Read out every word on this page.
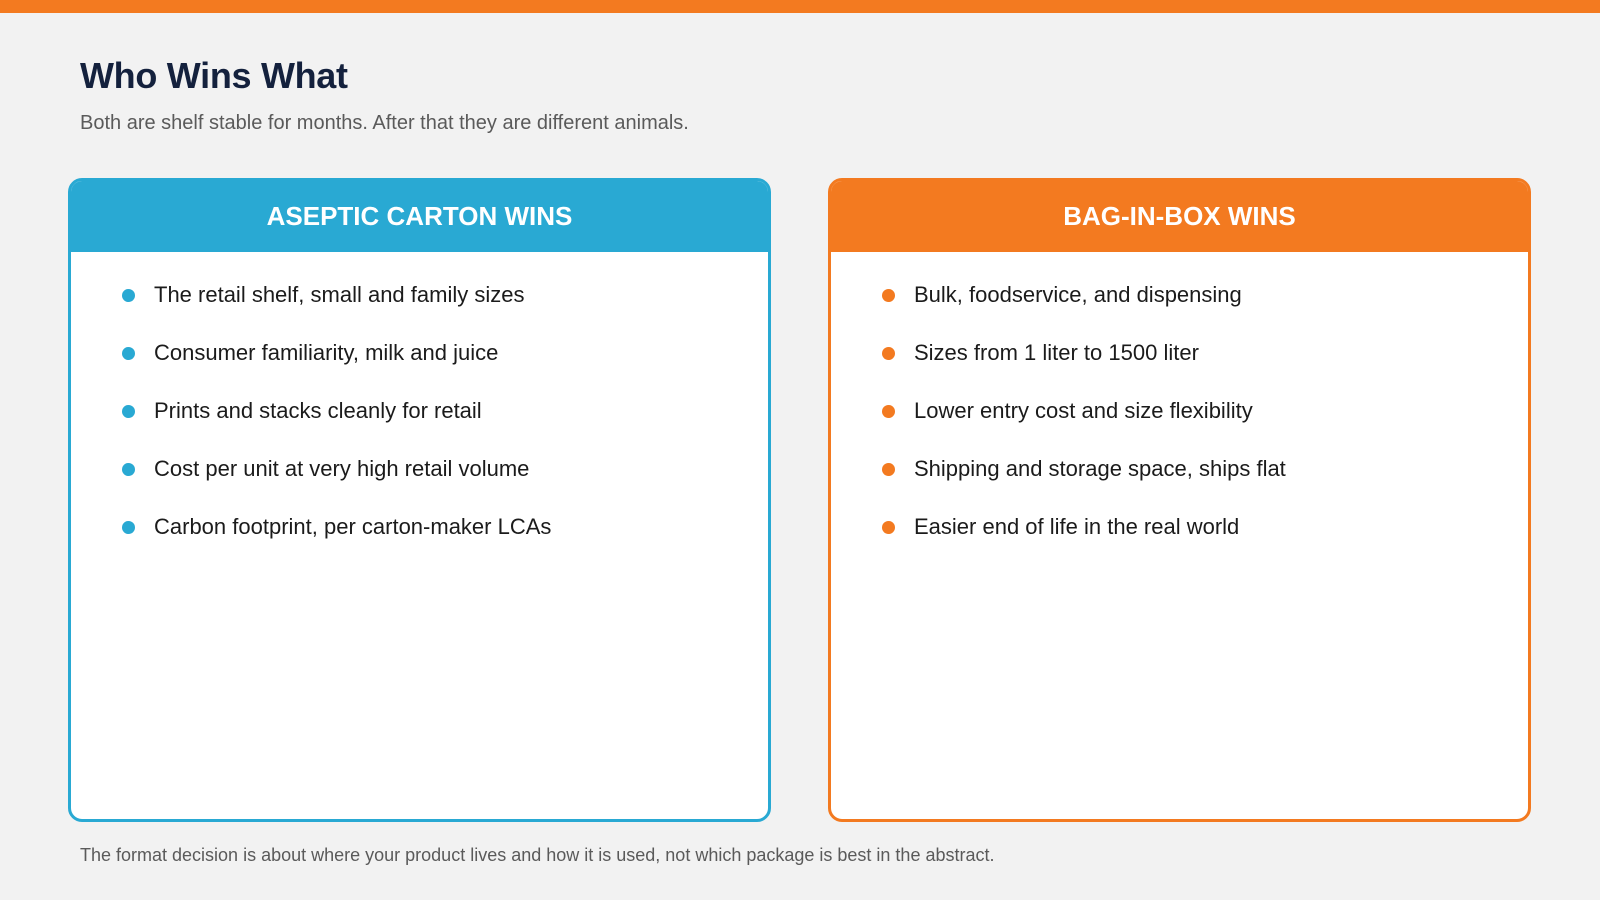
Who Wins What

Both are shelf stable for months. After that they are different animals.

ASEPTIC CARTON WINS
The retail shelf, small and family sizes
Consumer familiarity, milk and juice
Prints and stacks cleanly for retail
Cost per unit at very high retail volume
Carbon footprint, per carton-maker LCAs
BAG-IN-BOX WINS
Bulk, foodservice, and dispensing
Sizes from 1 liter to 1500 liter
Lower entry cost and size flexibility
Shipping and storage space, ships flat
Easier end of life in the real world

The format decision is about where your product lives and how it is used, not which package is best in the abstract.
